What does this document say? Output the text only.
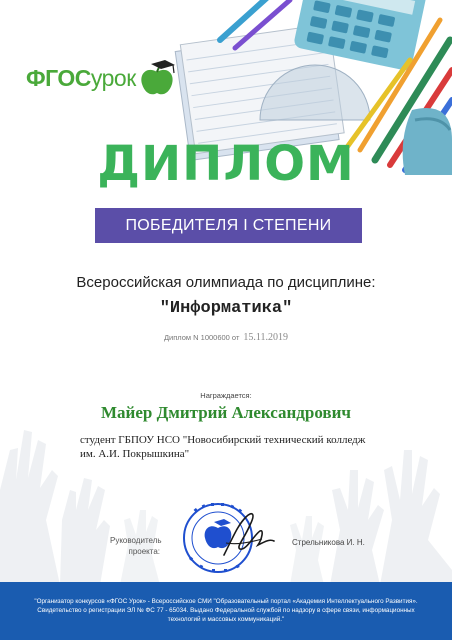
ФГОС урок
ДИПЛОМ
ПОБЕДИТЕЛЯ I СТЕПЕНИ
Всероссийская олимпиада по дисциплине:
"Информатика"
Диплом N 1000600 от 15.11.2019
Награждается:
Майер Дмитрий Александрович
студент ГБПОУ НСО "Новосибирский технический колледж
им. А.И. Покрышкина"
Руководитель
проекта:
Стрельникова И. Н.
"Организатор конкурсов «ФГОС Урок» - Всероссийское СМИ "Образовательный портал «Академия Интеллектуального Развития».
Свидетельство о регистрации ЭЛ № ФС 77 - 65034. Выдано Федеральной службой по надзору в сфере связи, информационных
технологий и массовых коммуникаций."
